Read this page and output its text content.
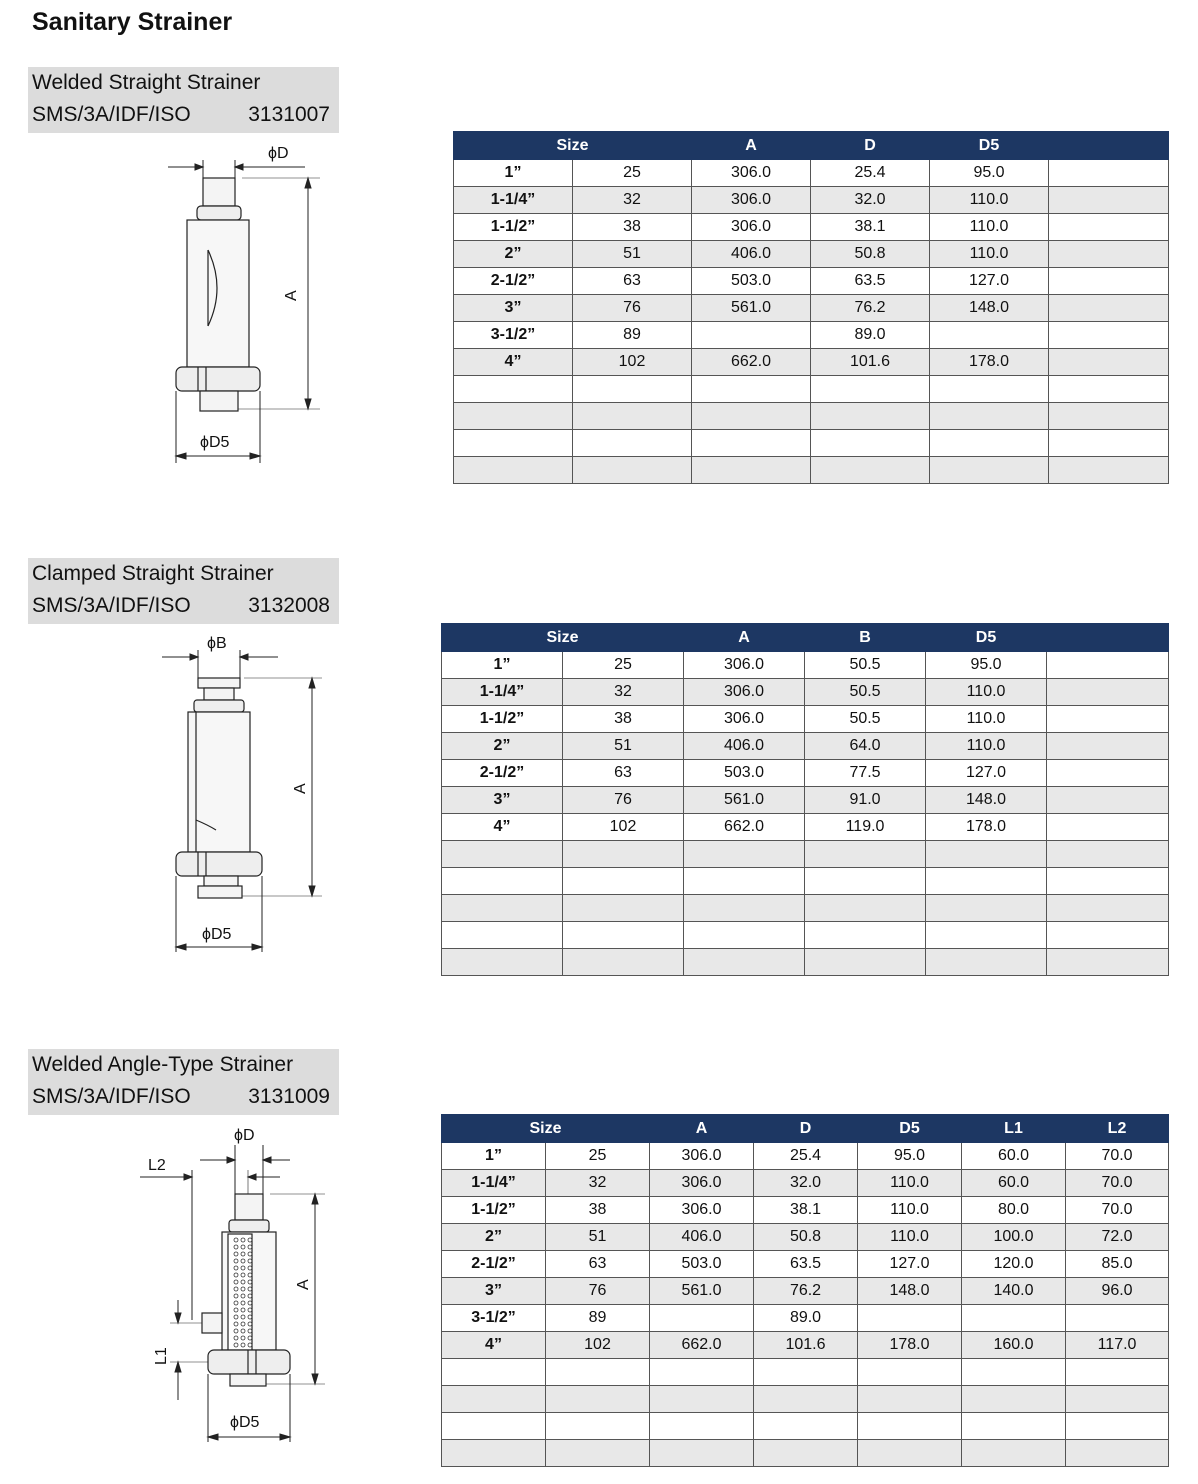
Sanitary Strainer
Welded Straight Strainer
SMS/3A/IDF/ISO	3131007
ϕD
A
ϕD5
Size		A	D	D5	
1”	25	306.0	25.4	95.0	
1-1/4”	32	306.0	32.0	110.0	
1-1/2”	38	306.0	38.1	110.0	
2”	51	406.0	50.8	110.0	
2-1/2”	63	503.0	63.5	127.0	
3”	76	561.0	76.2	148.0	
3-1/2”	89		89.0		
4”	102	662.0	101.6	178.0	

Clamped Straight Strainer
SMS/3A/IDF/ISO	3132008
ϕB
A
ϕD5
Size		A	B	D5	
1”	25	306.0	50.5	95.0	
1-1/4”	32	306.0	50.5	110.0	
1-1/2”	38	306.0	50.5	110.0	
2”	51	406.0	64.0	110.0	
2-1/2”	63	503.0	77.5	127.0	
3”	76	561.0	91.0	148.0	
4”	102	662.0	119.0	178.0	

Welded Angle-Type Strainer
SMS/3A/IDF/ISO	3131009
ϕD
L2
A
L1
ϕD5
Size		A	D	D5	L1	L2
1”	25	306.0	25.4	95.0	60.0	70.0
1-1/4”	32	306.0	32.0	110.0	60.0	70.0
1-1/2”	38	306.0	38.1	110.0	80.0	70.0
2”	51	406.0	50.8	110.0	100.0	72.0
2-1/2”	63	503.0	63.5	127.0	120.0	85.0
3”	76	561.0	76.2	148.0	140.0	96.0
3-1/2”	89		89.0			
4”	102	662.0	101.6	178.0	160.0	117.0
